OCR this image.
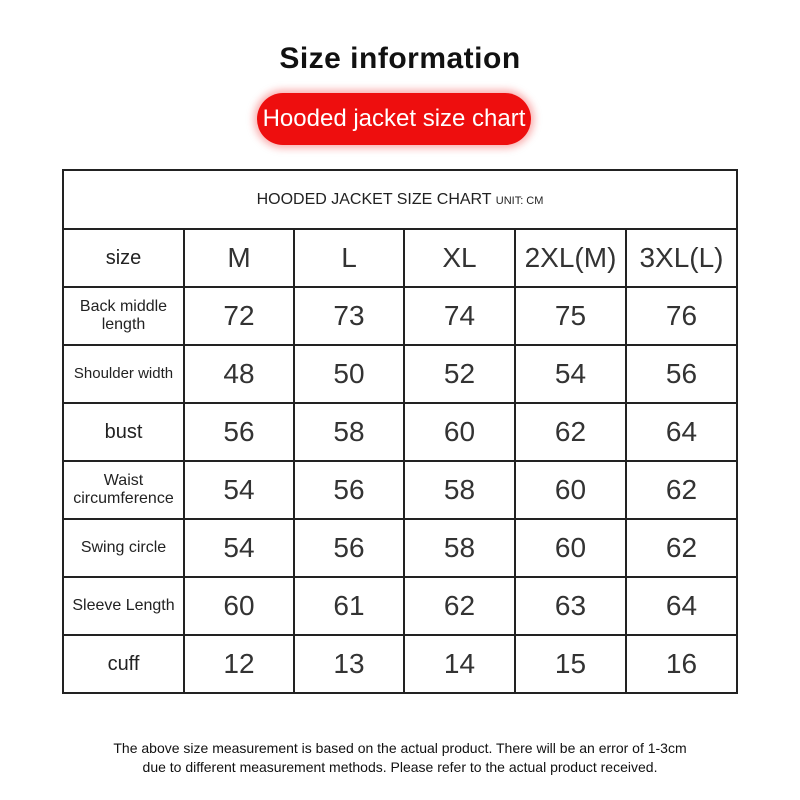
Size information
Hooded jacket size chart
HOODED JACKET SIZE CHART UNIT: CM					
size	M	L	XL	2XL(M)	3XL(L)
Back middle length	72	73	74	75	76
Shoulder width	48	50	52	54	56
bust	56	58	60	62	64
Waist circumference	54	56	58	60	62
Swing circle	54	56	58	60	62
Sleeve Length	60	61	62	63	64
cuff	12	13	14	15	16
The above size measurement is based on the actual product. There will be an error of 1-3cm
due to different measurement methods. Please refer to the actual product received.
